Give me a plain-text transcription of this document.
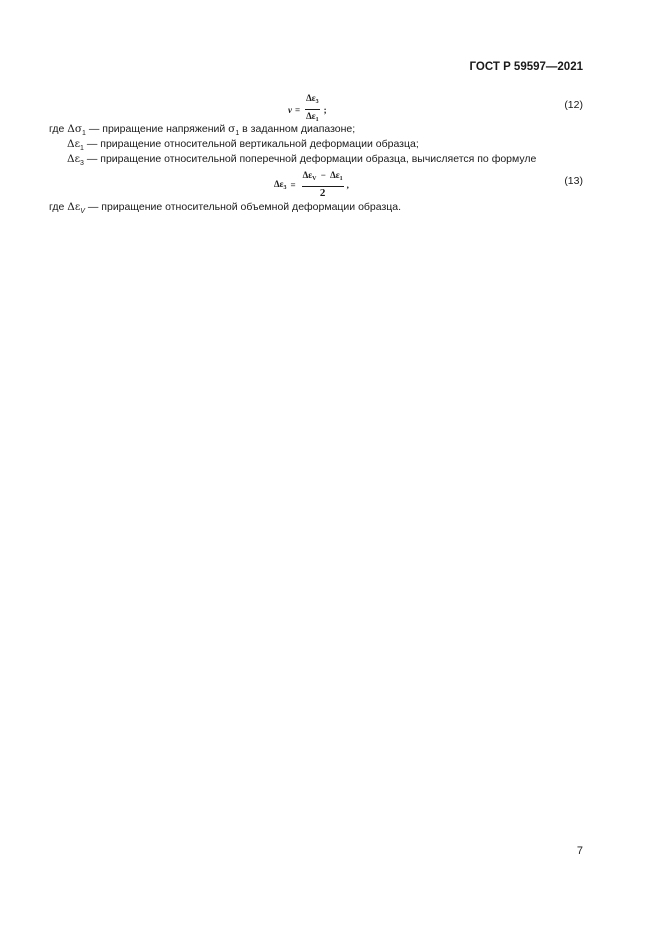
ГОСТ Р 59597—2021
$\nu = \frac{\Delta\varepsilon_3}{\Delta\varepsilon_1}$ ;	(12)
где $\Delta\sigma_1$ — приращение напряжений $\sigma_1$ в заданном диапазоне;
$\Delta\varepsilon_1$ — приращение относительной вертикальной деформации образца;
$\Delta\varepsilon_3$ — приращение относительной поперечной деформации образца, вычисляется по формуле
$\Delta\varepsilon_3 = \frac{\Delta\varepsilon_V - \Delta\varepsilon_1}{2}$ ,	(13)
где $\Delta\varepsilon_V$ — приращение относительной объемной деформации образца.
7
